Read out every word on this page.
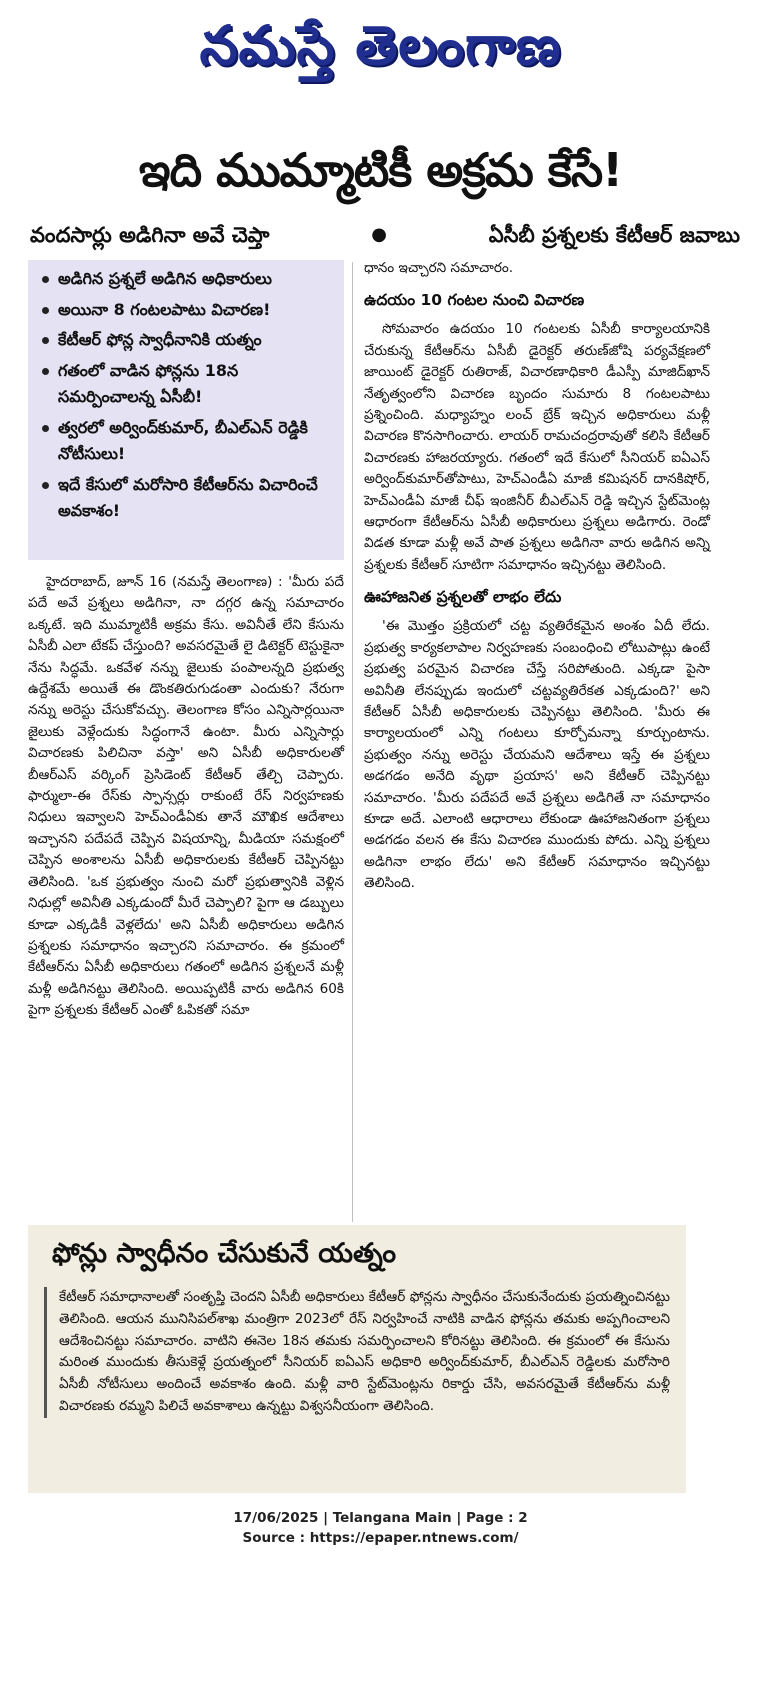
నమస్తే తెలంగాణ
ఇది ముమ్మాటికీ అక్రమ కేసే!
వందసార్లు అడిగినా అవే చెప్తా	●	ఏసీబీ ప్రశ్నలకు కేటీఆర్ జవాబు
అడిగిన ప్రశ్నలే అడిగిన అధికారులు
అయినా 8 గంటలపాటు విచారణ!
కేటీఆర్ ఫోన్ల స్వాధీనానికి యత్నం
గతంలో వాడిన ఫోన్లను 18న సమర్పించాలన్న ఏసీబీ!
త్వరలో అర్వింద్‌కుమార్, బీఎల్ఎన్ రెడ్డికి నోటీసులు!
ఇదే కేసులో మరోసారి కేటీఆర్‌ను విచారించే అవకాశం!

హైదరాబాద్, జూన్ 16 (నమస్తే తెలంగాణ) : 'మీరు పదే పదే అవే ప్రశ్నలు అడిగినా, నా దగ్గర ఉన్న సమాచారం ఒక్కటే. ఇది ముమ్మాటికీ అక్రమ కేసు. అవినీతే లేని కేసును ఏసీబీ ఎలా టేకప్ చేస్తుంది? అవసరమైతే లై డిటెక్టర్ టెస్టుకైనా నేను సిద్ధమే. ఒకవేళ నన్ను జైలుకు పంపాలన్నది ప్రభుత్వ ఉద్దేశమే అయితే ఈ డొంకతిరుగుడంతా ఎందుకు? నేరుగా నన్ను అరెస్టు చేసుకోవచ్చు. తెలంగాణ కోసం ఎన్నిసార్లయినా జైలుకు వెళ్లేందుకు సిద్ధంగానే ఉంటా. మీరు ఎన్నిసార్లు విచారణకు పిలిచినా వస్తా' అని ఏసీబీ అధికారులతో బీఆర్ఎస్ వర్కింగ్ ప్రెసిడెంట్ కేటీఆర్ తేల్చి చెప్పారు. ఫార్ములా-ఈ రేస్‌కు స్పాన్సర్లు రాకుంటే రేస్ నిర్వహణకు నిధులు ఇవ్వాలని హెచ్ఎండీఏకు తానే మౌఖిక ఆదేశాలు ఇచ్చానని పదేపదే చెప్పిన విషయాన్ని, మీడియా సమక్షంలో చెప్పిన అంశాలను ఏసీబీ అధికారులకు కేటీఆర్ చెప్పినట్టు తెలిసింది. 'ఒక ప్రభుత్వం నుంచి మరో ప్రభుత్వానికి వెళ్లిన నిధుల్లో అవినీతి ఎక్కడుందో మీరే చెప్పాలి? పైగా ఆ డబ్బులు కూడా ఎక్కడికీ వెళ్లలేదు' అని ఏసీబీ అధికారులు అడిగిన ప్రశ్నలకు సమాధానం ఇచ్చారని సమాచారం. ఈ క్రమంలో కేటీఆర్‌ను ఏసీబీ అధికారులు గతంలో అడిగిన ప్రశ్నలనే మళ్లీ మళ్లీ అడిగినట్టు తెలిసింది. అయిప్పటికీ వారు అడిగిన 60కి పైగా ప్రశ్నలకు కేటీఆర్ ఎంతో ఓపికతో సమా

ధానం ఇచ్చారని సమాచారం.

ఉదయం 10 గంటల నుంచి విచారణ

సోమవారం ఉదయం 10 గంటలకు ఏసీబీ కార్యాలయానికి చేరుకున్న కేటీఆర్‌ను ఏసీబీ డైరెక్టర్ తరుణ్‌జోషి పర్యవేక్షణలో జాయింట్ డైరెక్టర్ రుతిరాజ్, విచారణాధికారి డీఎస్పీ మాజిద్‌ఖాన్ నేతృత్వంలోని విచారణ బృందం సుమారు 8 గంటలపాటు ప్రశ్నించింది. మధ్యాహ్నం లంచ్ బ్రేక్ ఇచ్చిన అధికారులు మళ్లీ విచారణ కొనసాగించారు. లాయర్ రామచంద్రరావుతో కలిసి కేటీఆర్ విచారణకు హాజరయ్యారు. గతంలో ఇదే కేసులో సీనియర్ ఐఏఎస్ అర్వింద్‌కుమార్‌తోపాటు, హెచ్ఎండీఏ మాజీ కమిషనర్ దానకిషోర్, హెచ్ఎండీఏ మాజీ చీఫ్ ఇంజినీర్ బీఎల్ఎన్ రెడ్డి ఇచ్చిన స్టేట్‌మెంట్ల ఆధారంగా కేటీఆర్‌ను ఏసీబీ అధికారులు ప్రశ్నలు అడిగారు. రెండో విడత కూడా మళ్లీ అవే పాత ప్రశ్నలు అడిగినా వారు అడిగిన అన్ని ప్రశ్నలకు కేటీఆర్ సూటిగా సమాధానం ఇచ్చినట్టు తెలిసింది.

ఊహాజనిత ప్రశ్నలతో లాభం లేదు

'ఈ మొత్తం ప్రక్రియలో చట్ట వ్యతిరేకమైన అంశం ఏదీ లేదు. ప్రభుత్వ కార్యకలాపాల నిర్వహణకు సంబంధించి లోటుపాట్లు ఉంటే ప్రభుత్వ పరమైన విచారణ చేస్తే సరిపోతుంది. ఎక్కడా పైసా అవినీతి లేనప్పుడు ఇందులో చట్టవ్యతిరేకత ఎక్కడుంది?' అని కేటీఆర్ ఏసీబీ అధికారులకు చెప్పినట్టు తెలిసింది. 'మీరు ఈ కార్యాలయంలో ఎన్ని గంటలు కూర్చోమన్నా కూర్చుంటాను. ప్రభుత్వం నన్ను అరెస్టు చేయమని ఆదేశాలు ఇస్తే ఈ ప్రశ్నలు అడగడం అనేది వృథా ప్రయాస' అని కేటీఆర్ చెప్పినట్టు సమాచారం. 'మీరు పదేపదే అవే ప్రశ్నలు అడిగితే నా సమాధానం కూడా అదే. ఎలాంటి ఆధారాలు లేకుండా ఊహాజనితంగా ప్రశ్నలు అడగడం వలన ఈ కేసు విచారణ ముందుకు పోదు. ఎన్ని ప్రశ్నలు అడిగినా లాభం లేదు' అని కేటీఆర్ సమాధానం ఇచ్చినట్టు తెలిసింది.

ఫోన్లు స్వాధీనం చేసుకునే యత్నం
కేటీఆర్ సమాధానాలతో సంతృప్తి చెందని ఏసీబీ అధికారులు కేటీఆర్ ఫోన్లను స్వాధీనం చేసుకునేందుకు ప్రయత్నించినట్టు తెలిసింది. ఆయన మునిసిపల్‌శాఖ మంత్రిగా 2023లో రేస్ నిర్వహించే నాటికి వాడిన ఫోన్లను తమకు అప్పగించాలని ఆదేశించినట్టు సమాచారం. వాటిని ఈనెల 18న తమకు సమర్పించాలని కోరినట్టు తెలిసింది. ఈ క్రమంలో ఈ కేసును మరింత ముందుకు తీసుకెళ్లే ప్రయత్నంలో సీనియర్ ఐఏఎస్ అధికారి అర్వింద్‌కుమార్, బీఎల్ఎన్ రెడ్డిలకు మరోసారి ఏసీబీ నోటీసులు అందించే అవకాశం ఉంది. మళ్లీ వారి స్టేట్‌మెంట్లను రికార్డు చేసి, అవసరమైతే కేటీఆర్‌ను మళ్లీ విచారణకు రమ్మని పిలిచే అవకాశాలు ఉన్నట్టు విశ్వసనీయంగా తెలిసింది.
17/06/2025 | Telangana Main | Page : 2
Source : https://epaper.ntnews.com/
